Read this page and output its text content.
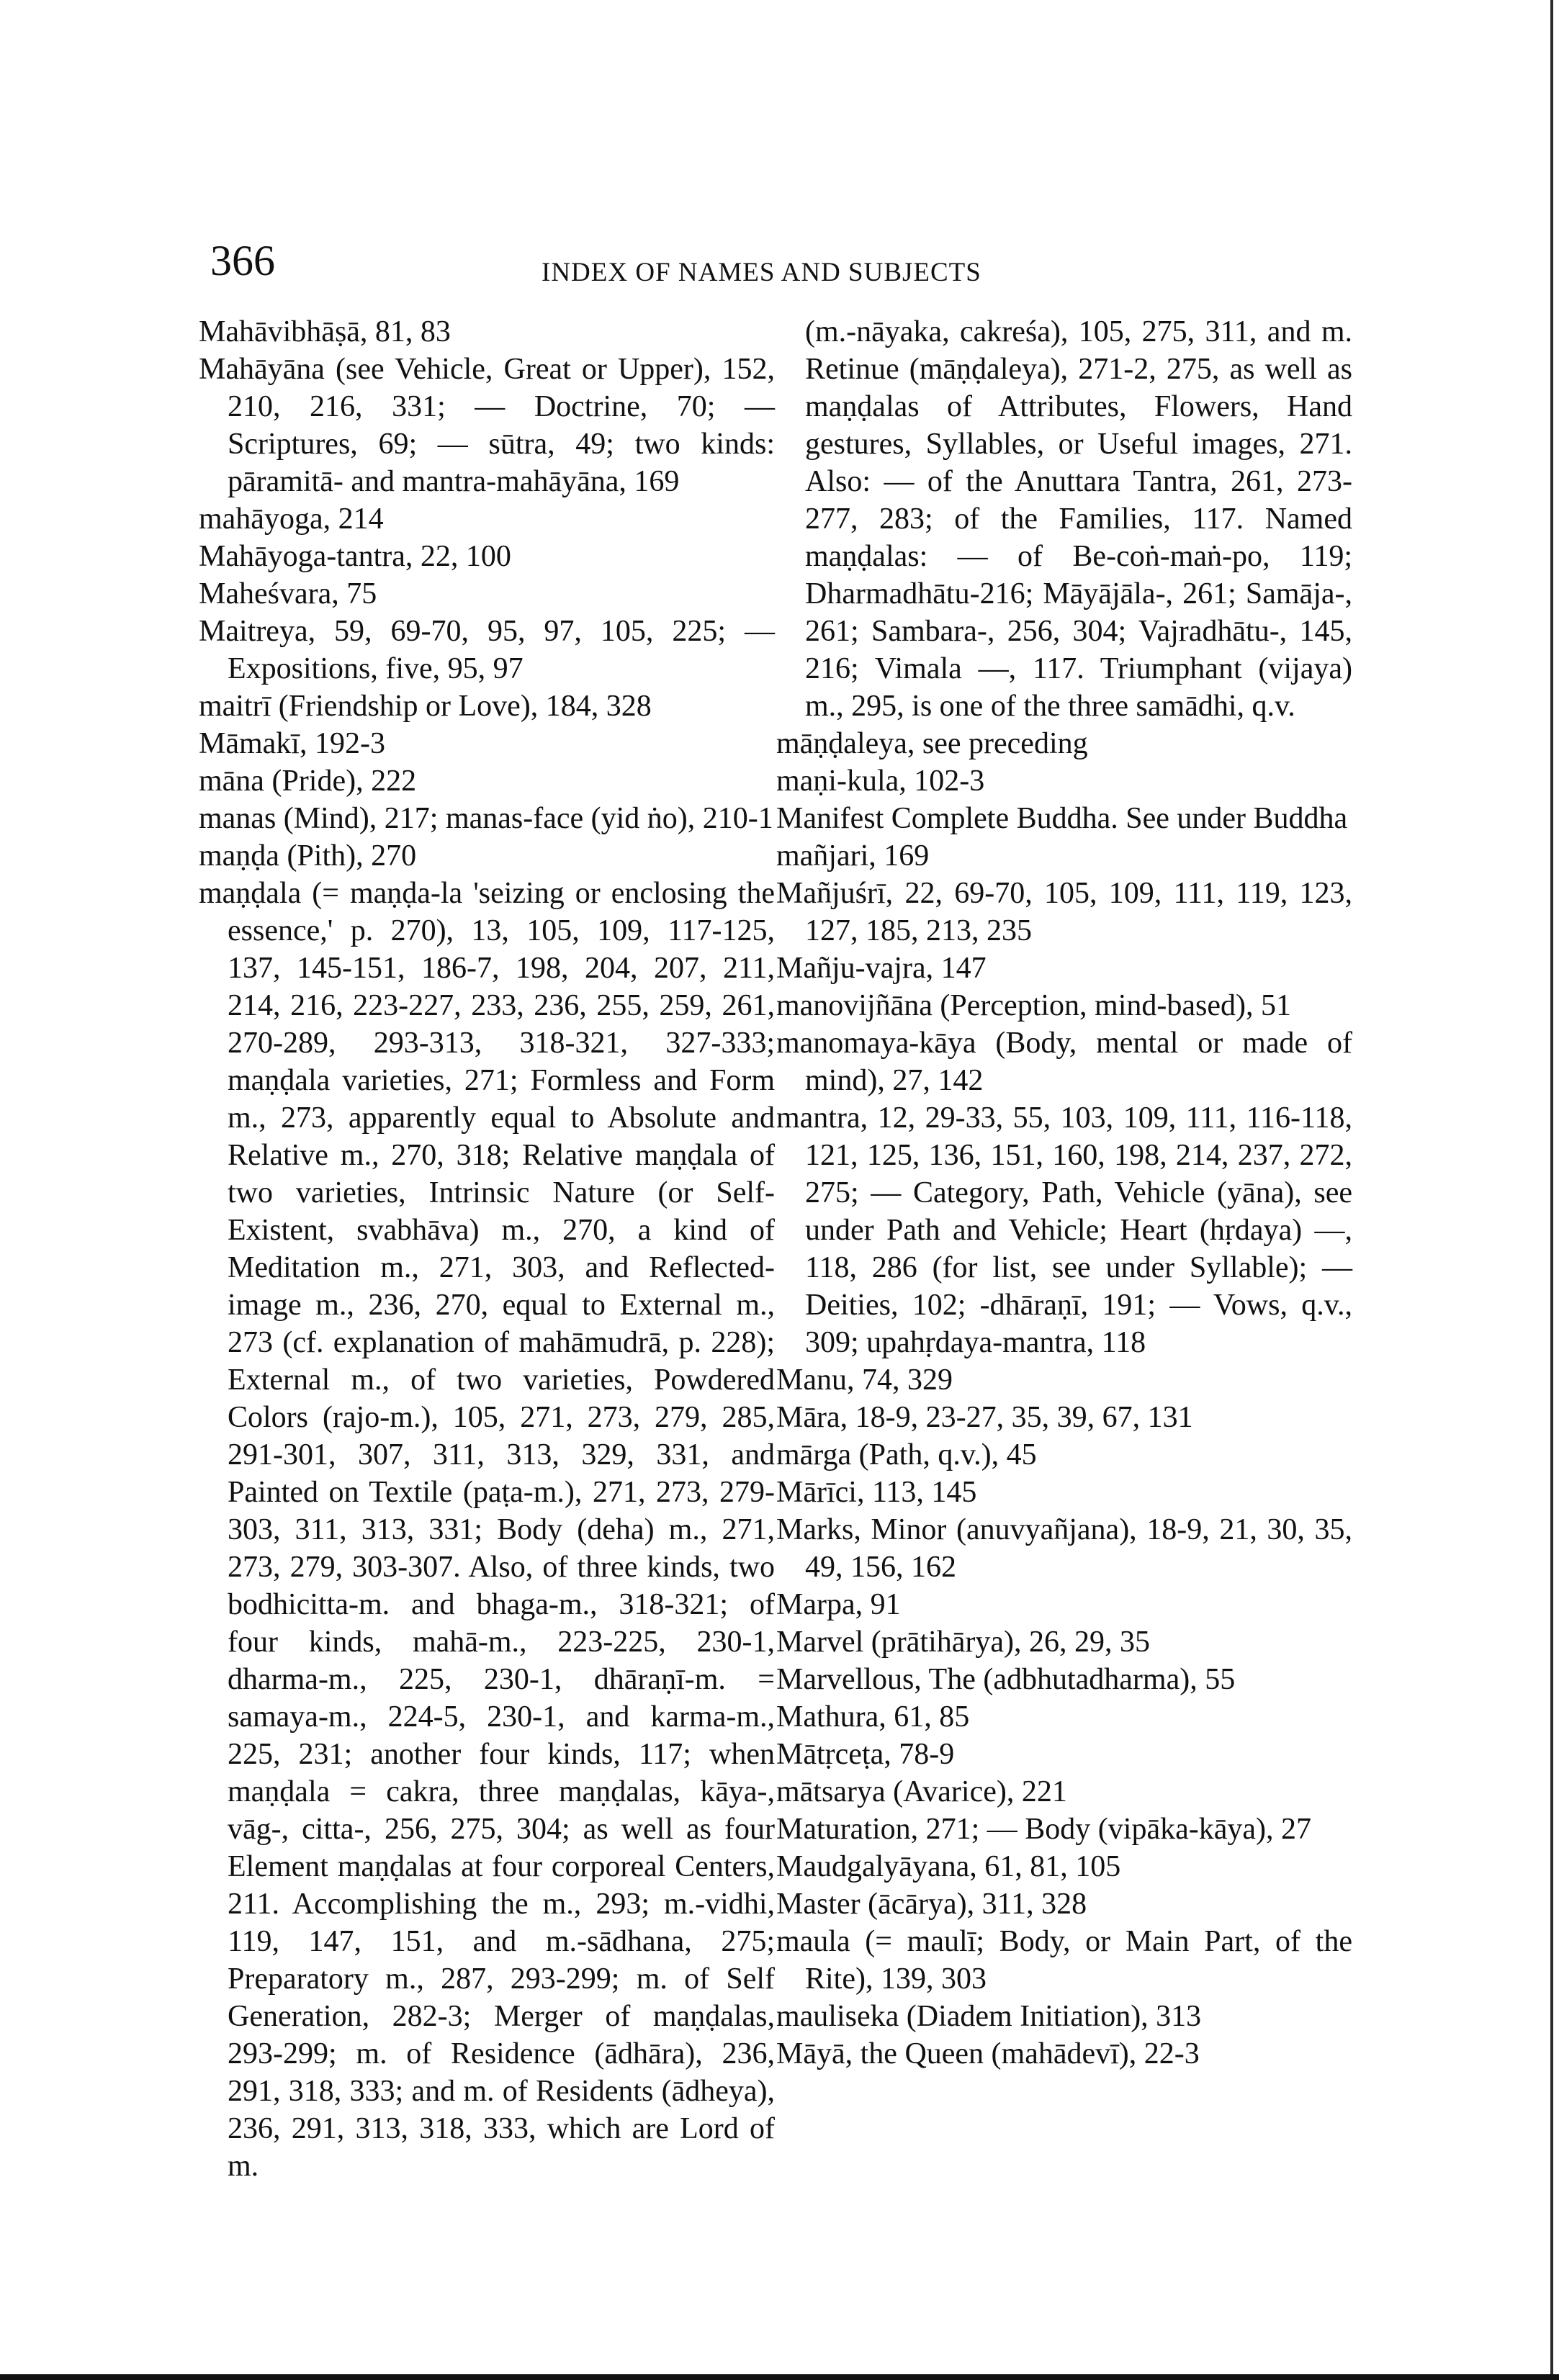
366	INDEX OF NAMES AND SUBJECTS
Mahāvibhāṣā, 81, 83
Mahāyāna (see Vehicle, Great or Upper), 152, 210, 216, 331; — Doctrine, 70; — Scriptures, 69; — sūtra, 49; two kinds: pāramitā- and mantra-mahāyāna, 169
mahāyoga, 214
Mahāyoga-tantra, 22, 100
Maheśvara, 75
Maitreya, 59, 69-70, 95, 97, 105, 225; — Expositions, five, 95, 97
maitrī (Friendship or Love), 184, 328
Māmakī, 192-3
māna (Pride), 222
manas (Mind), 217; manas-face (yid ṅo), 210-1
maṇḍa (Pith), 270
maṇḍala (= maṇḍa-la 'seizing or enclosing the essence,' p. 270), 13, 105, 109, 117-125, 137, 145-151, 186-7, 198, 204, 207, 211, 214, 216, 223-227, 233, 236, 255, 259, 261, 270-289, 293-313, 318-321, 327-333; maṇḍala varieties, 271; Formless and Form m., 273, apparently equal to Absolute and Relative m., 270, 318; Relative maṇḍala of two varieties, Intrinsic Nature (or Self-Existent, svabhāva) m., 270, a kind of Meditation m., 271, 303, and Reflected-image m., 236, 270, equal to External m., 273 (cf. explanation of mahāmudrā, p. 228); External m., of two varieties, Powdered Colors (rajo-m.), 105, 271, 273, 279, 285, 291-301, 307, 311, 313, 329, 331, and Painted on Textile (paṭa-m.), 271, 273, 279-303, 311, 313, 331; Body (deha) m., 271, 273, 279, 303-307. Also, of three kinds, two bodhicitta-m. and bhaga-m., 318-321; of four kinds, mahā-m., 223-225, 230-1, dharma-m., 225, 230-1, dhāraṇī-m. = samaya-m., 224-5, 230-1, and karma-m., 225, 231; another four kinds, 117; when maṇḍala = cakra, three maṇḍalas, kāya-, vāg-, citta-, 256, 275, 304; as well as four Element maṇḍalas at four corporeal Centers, 211. Accomplishing the m., 293; m.-vidhi, 119, 147, 151, and m.-sādhana, 275; Preparatory m., 287, 293-299; m. of Self Generation, 282-3; Merger of maṇḍalas, 293-299; m. of Residence (ādhāra), 236, 291, 318, 333; and m. of Residents (ādheya), 236, 291, 313, 318, 333, which are Lord of m.
(m.-nāyaka, cakreśa), 105, 275, 311, and m. Retinue (māṇḍaleya), 271-2, 275, as well as maṇḍalas of Attributes, Flowers, Hand gestures, Syllables, or Useful images, 271. Also: — of the Anuttara Tantra, 261, 273-277, 283; of the Families, 117. Named maṇḍalas: — of Be-coṅ-maṅ-po, 119; Dharmadhātu-216; Māyājāla-, 261; Samāja-, 261; Sambara-, 256, 304; Vajradhātu-, 145, 216; Vimala —, 117. Triumphant (vijaya) m., 295, is one of the three samādhi, q.v.
māṇḍaleya, see preceding
maṇi-kula, 102-3
Manifest Complete Buddha. See under Buddha
mañjari, 169
Mañjuśrī, 22, 69-70, 105, 109, 111, 119, 123, 127, 185, 213, 235
Mañju-vajra, 147
manovijñāna (Perception, mind-based), 51
manomaya-kāya (Body, mental or made of mind), 27, 142
mantra, 12, 29-33, 55, 103, 109, 111, 116-118, 121, 125, 136, 151, 160, 198, 214, 237, 272, 275; — Category, Path, Vehicle (yāna), see under Path and Vehicle; Heart (hṛdaya) —, 118, 286 (for list, see under Syllable); — Deities, 102; -dhāraṇī, 191; — Vows, q.v., 309; upahṛdaya-mantra, 118
Manu, 74, 329
Māra, 18-9, 23-27, 35, 39, 67, 131
mārga (Path, q.v.), 45
Mārīci, 113, 145
Marks, Minor (anuvyañjana), 18-9, 21, 30, 35, 49, 156, 162
Marpa, 91
Marvel (prātihārya), 26, 29, 35
Marvellous, The (adbhutadharma), 55
Mathura, 61, 85
Mātṛceṭa, 78-9
mātsarya (Avarice), 221
Maturation, 271; — Body (vipāka-kāya), 27
Maudgalyāyana, 61, 81, 105
Master (ācārya), 311, 328
maula (= maulī; Body, or Main Part, of the Rite), 139, 303
mauliseka (Diadem Initiation), 313
Māyā, the Queen (mahādevī), 22-3
